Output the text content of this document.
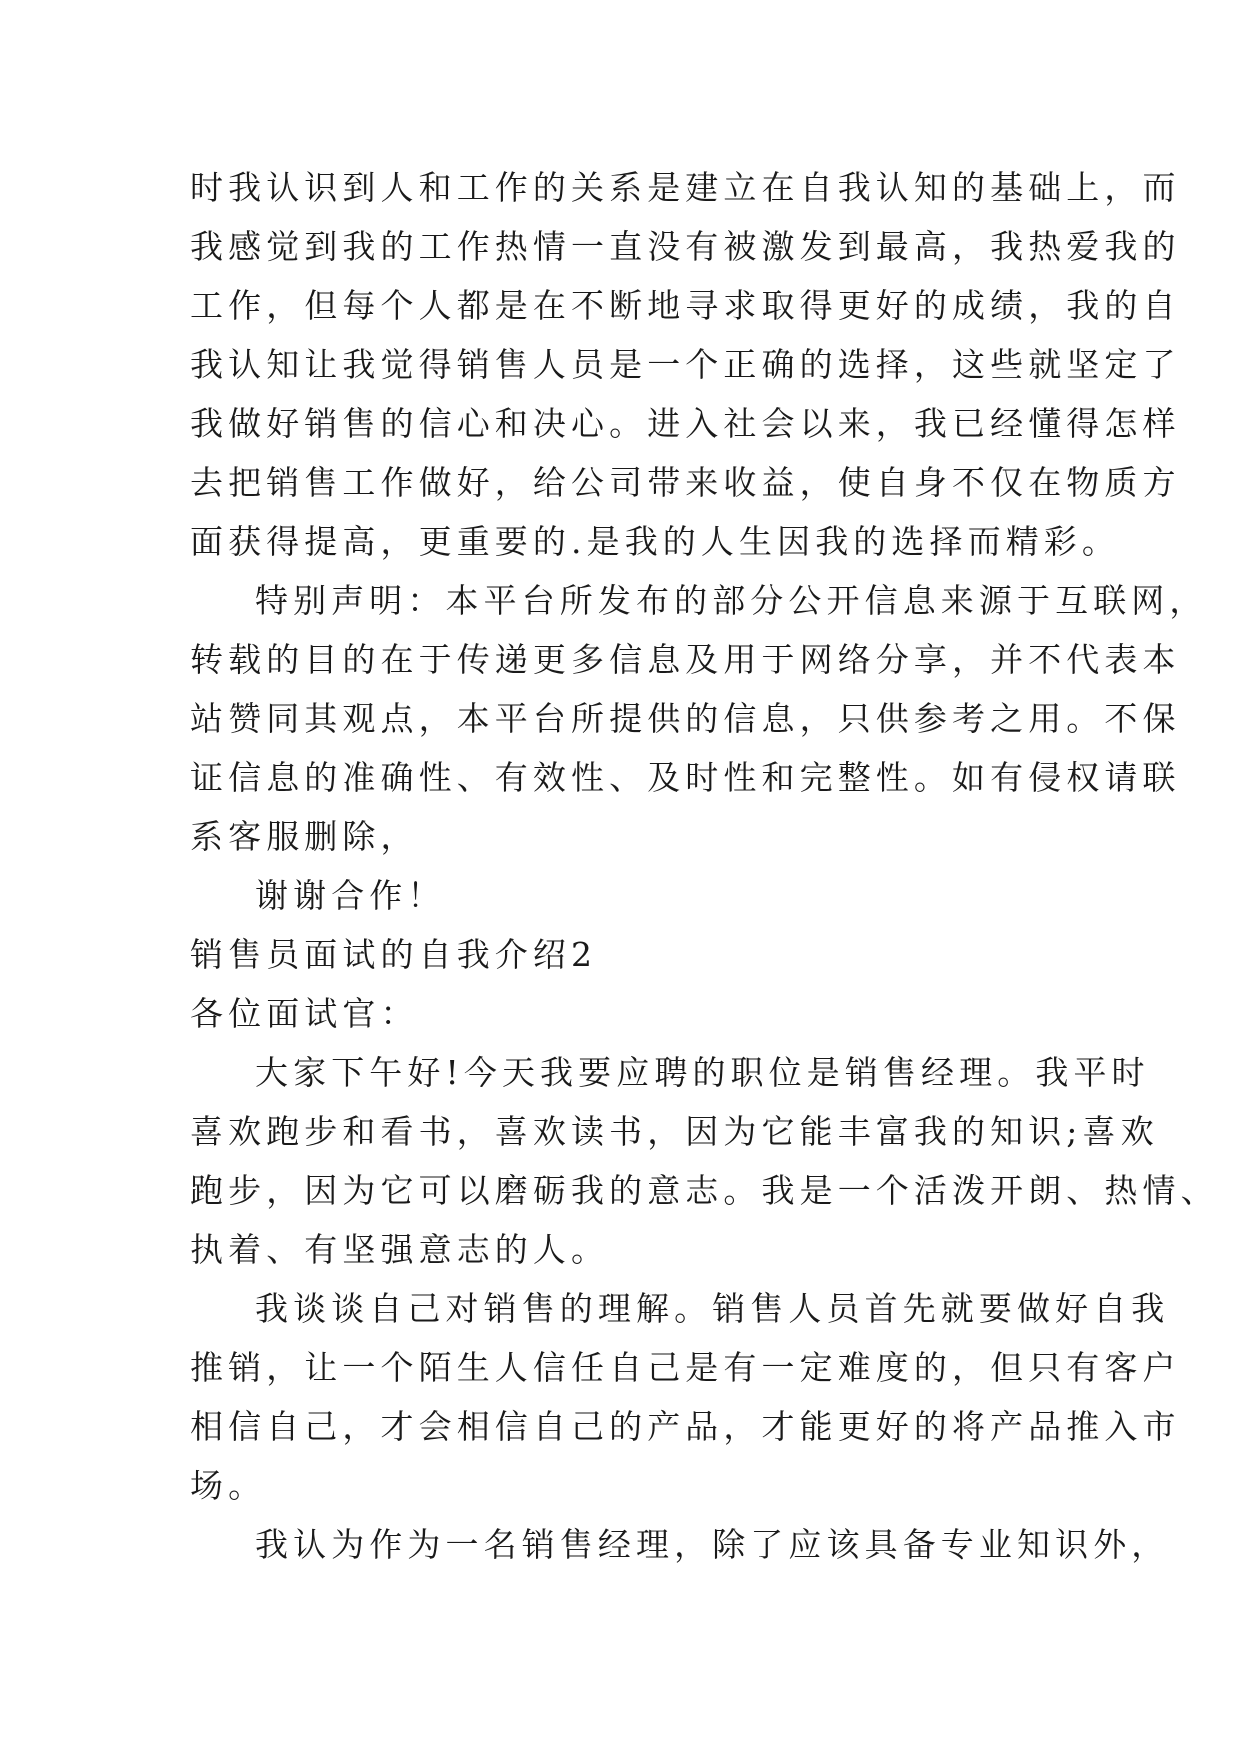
时我认识到人和工作的关系是建立在自我认知的基础上，而
我感觉到我的工作热情一直没有被激发到最高，我热爱我的
工作，但每个人都是在不断地寻求取得更好的成绩，我的自
我认知让我觉得销售人员是一个正确的选择，这些就坚定了
我做好销售的信心和决心。进入社会以来，我已经懂得怎样
去把销售工作做好，给公司带来收益，使自身不仅在物质方
面获得提高，更重要的.是我的人生因我的选择而精彩。
特别声明：本平台所发布的部分公开信息来源于互联网，
转载的目的在于传递更多信息及用于网络分享，并不代表本
站赞同其观点，本平台所提供的信息，只供参考之用。不保
证信息的准确性、有效性、及时性和完整性。如有侵权请联
系客服删除，
谢谢合作！
销售员面试的自我介绍2
各位面试官：
大家下午好!今天我要应聘的职位是销售经理。我平时
喜欢跑步和看书，喜欢读书，因为它能丰富我的知识;喜欢
跑步，因为它可以磨砺我的意志。我是一个活泼开朗、热情、
执着、有坚强意志的人。
我谈谈自己对销售的理解。销售人员首先就要做好自我
推销，让一个陌生人信任自己是有一定难度的，但只有客户
相信自己，才会相信自己的产品，才能更好的将产品推入市
场。
我认为作为一名销售经理，除了应该具备专业知识外，
